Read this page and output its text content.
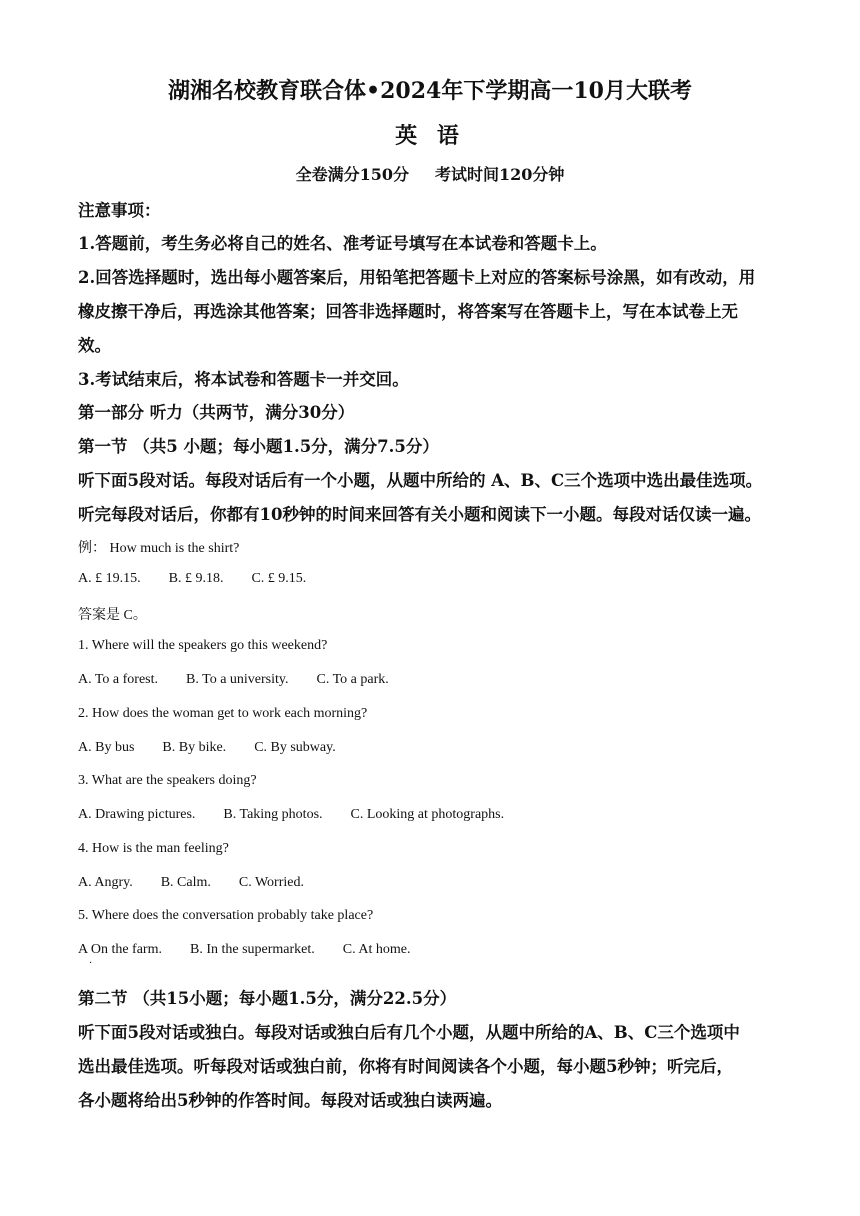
湖湘名校教育联合体•2024年下学期高一10月大联考
英 语
全卷满分150分 考试时间120分钟
注意事项：
1.答题前，考生务必将自己的姓名、准考证号填写在本试卷和答题卡上。
2.回答选择题时，选出每小题答案后，用铅笔把答题卡上对应的答案标号涂黑，如有改动，用
橡皮擦干净后，再选涂其他答案；回答非选择题时，将答案写在答题卡上，写在本试卷上无
效。
3.考试结束后，将本试卷和答题卡一并交回。
第一部分 听力（共两节，满分30分）
第一节 （共5 小题；每小题1.5分，满分7.5分）
听下面5段对话。每段对话后有一个小题，从题中所给的 A、B、C三个选项中选出最佳选项。
听完每段对话后，你都有10秒钟的时间来回答有关小题和阅读下一小题。每段对话仅读一遍。
例： How much is the shirt?
A. £ 19.15. B. £ 9.18. C. £ 9.15.
答案是 C。
1. Where will the speakers go this weekend?
A. To a forest. B. To a university. C. To a park.
2. How does the woman get to work each morning?
A. By bus B. By bike. C. By subway.
3. What are the speakers doing?
A. Drawing pictures. B. Taking photos. C. Looking at photographs.
4. How is the man feeling?
A. Angry. B. Calm. C. Worried.
5. Where does the conversation probably take place?
A On the farm. B. In the supermarket. C. At home.
·
第二节 （共15小题；每小题1.5分，满分22.5分）
听下面5段对话或独白。每段对话或独白后有几个小题，从题中所给的A、B、C三个选项中
选出最佳选项。听每段对话或独白前，你将有时间阅读各个小题，每小题5秒钟；听完后，
各小题将给出5秒钟的作答时间。每段对话或独白读两遍。
